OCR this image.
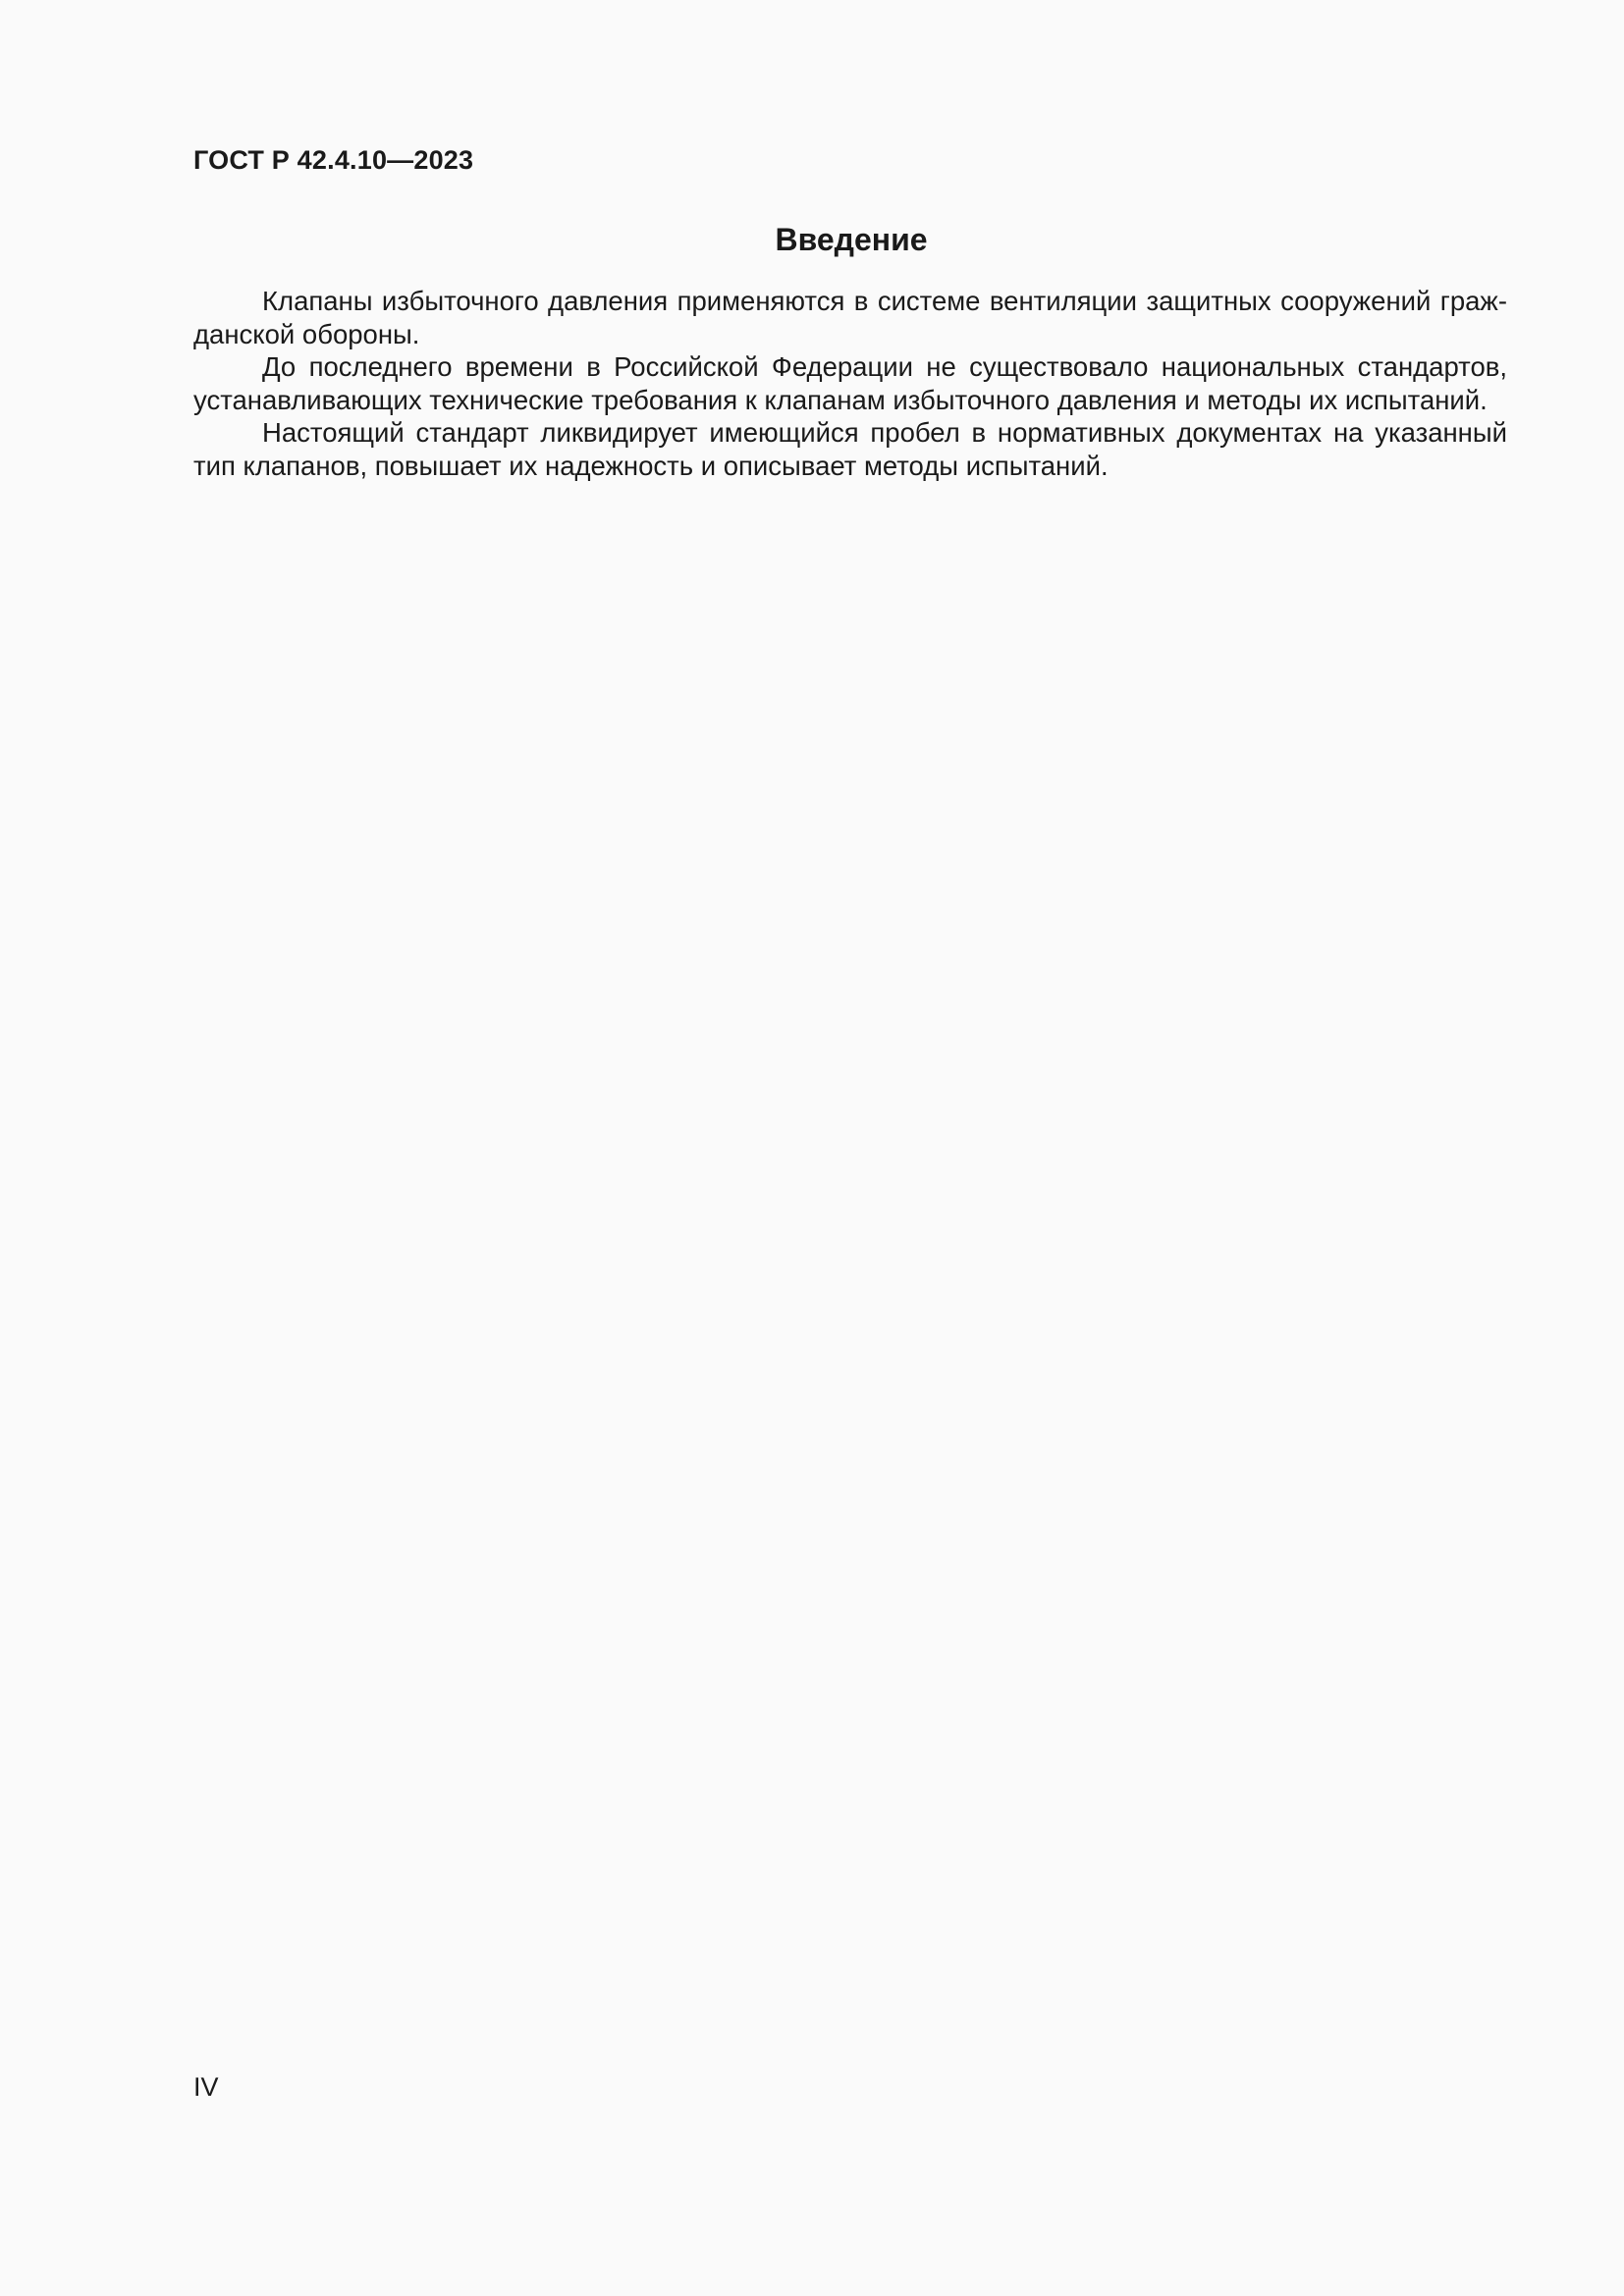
ГОСТ Р 42.4.10—2023
Введение

Клапаны избыточного давления применяются в системе вентиляции защитных сооружений гражданской обороны.

До последнего времени в Российской Федерации не существовало национальных стандартов, устанавливающих технические требования к клапанам избыточного давления и методы их испытаний.

Настоящий стандарт ликвидирует имеющийся пробел в нормативных документах на указанный тип клапанов, повышает их надежность и описывает методы испытаний.

IV
